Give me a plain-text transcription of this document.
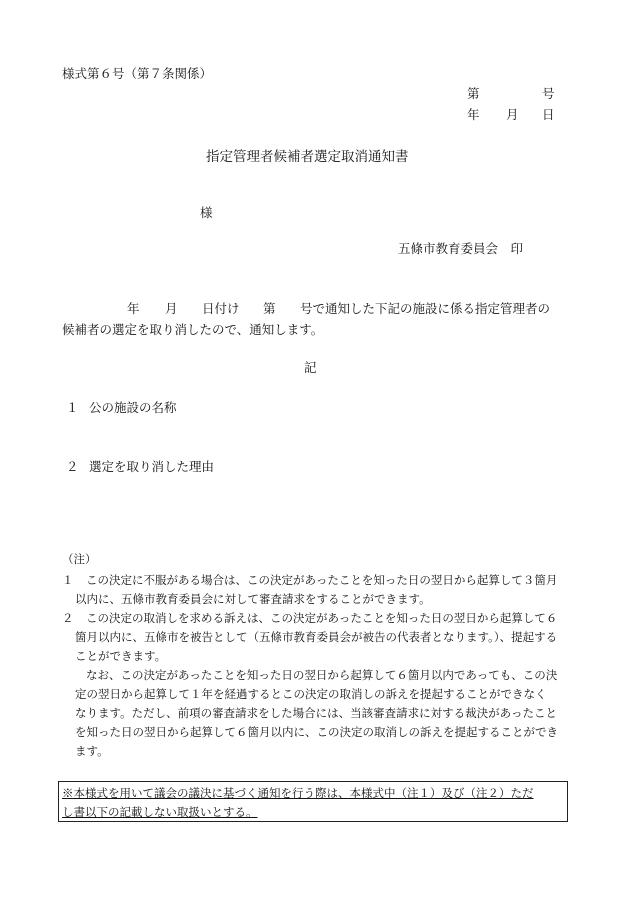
様式第６号（第７条関係）
第	号
年 月 日
指定管理者候補者選定取消通知書
様
五條市教育委員会　印
年 月 日付け 第 号で通知した下記の施設に係る指定管理者の
候補者の選定を取り消したので、通知します。
記
１ 公の施設の名称
２ 選定を取り消した理由
（注）
１ この決定に不服がある場合は、この決定があったことを知った日の翌日から起算して３箇月
以内に、五條市教育委員会に対して審査請求をすることができます。
２ この決定の取消しを求める訴えは、この決定があったことを知った日の翌日から起算して６
箇月以内に、五條市を被告として（五條市教育委員会が被告の代表者となります。）、提起する
ことができます。
なお、この決定があったことを知った日の翌日から起算して６箇月以内であっても、この決
定の翌日から起算して１年を経過するとこの決定の取消しの訴えを提起することができなく
なります。ただし、前項の審査請求をした場合には、当該審査請求に対する裁決があったこと
を知った日の翌日から起算して６箇月以内に、この決定の取消しの訴えを提起することができ
ます。
※本様式を用いて議会の議決に基づく通知を行う際は、本様式中（注１）及び（注２）ただ
し書以下の記載しない取扱いとする。
